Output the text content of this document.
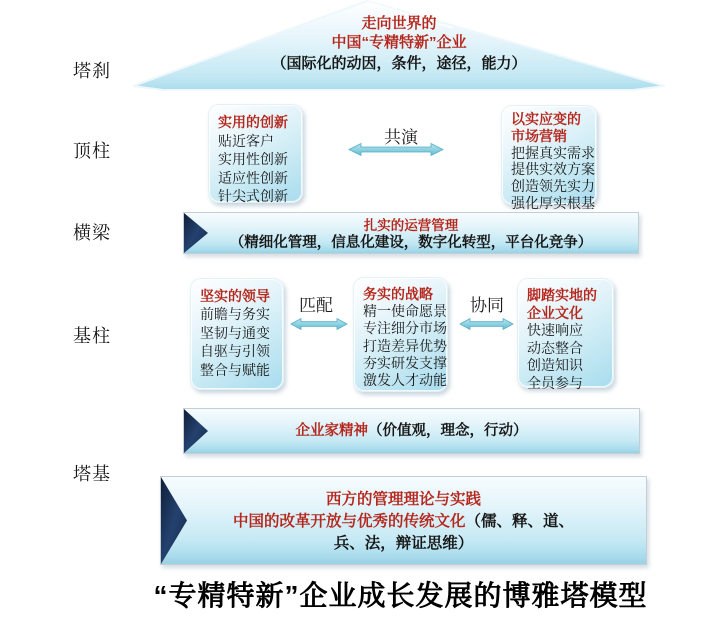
走向世界的
中国“专精特新”企业
（国际化的动因，条件，途径，能力）
塔刹
顶柱
横梁
基柱
塔基
实用的创新
贴近客户
实用性创新
适应性创新
针尖式创新
共演
以实应变的
市场营销
把握真实需求
提供实效方案
创造领先实力
强化厚实根基
扎实的运营管理
（精细化管理，信息化建设，数字化转型，平台化竞争）
坚实的领导
前瞻与务实
坚韧与通变
自驱与引领
整合与赋能
匹配
务实的战略
精一使命愿景
专注细分市场
打造差异优势
夯实研发支撑
激发人才动能
协同
脚踏实地的
企业文化
快速响应
动态整合
创造知识
全员参与
企业家精神（价值观，理念，行动）
西方的管理理论与实践
中国的改革开放与优秀的传统文化（儒、释、道、
兵、法，辩证思维）
“专精特新”企业成长发展的博雅塔模型
